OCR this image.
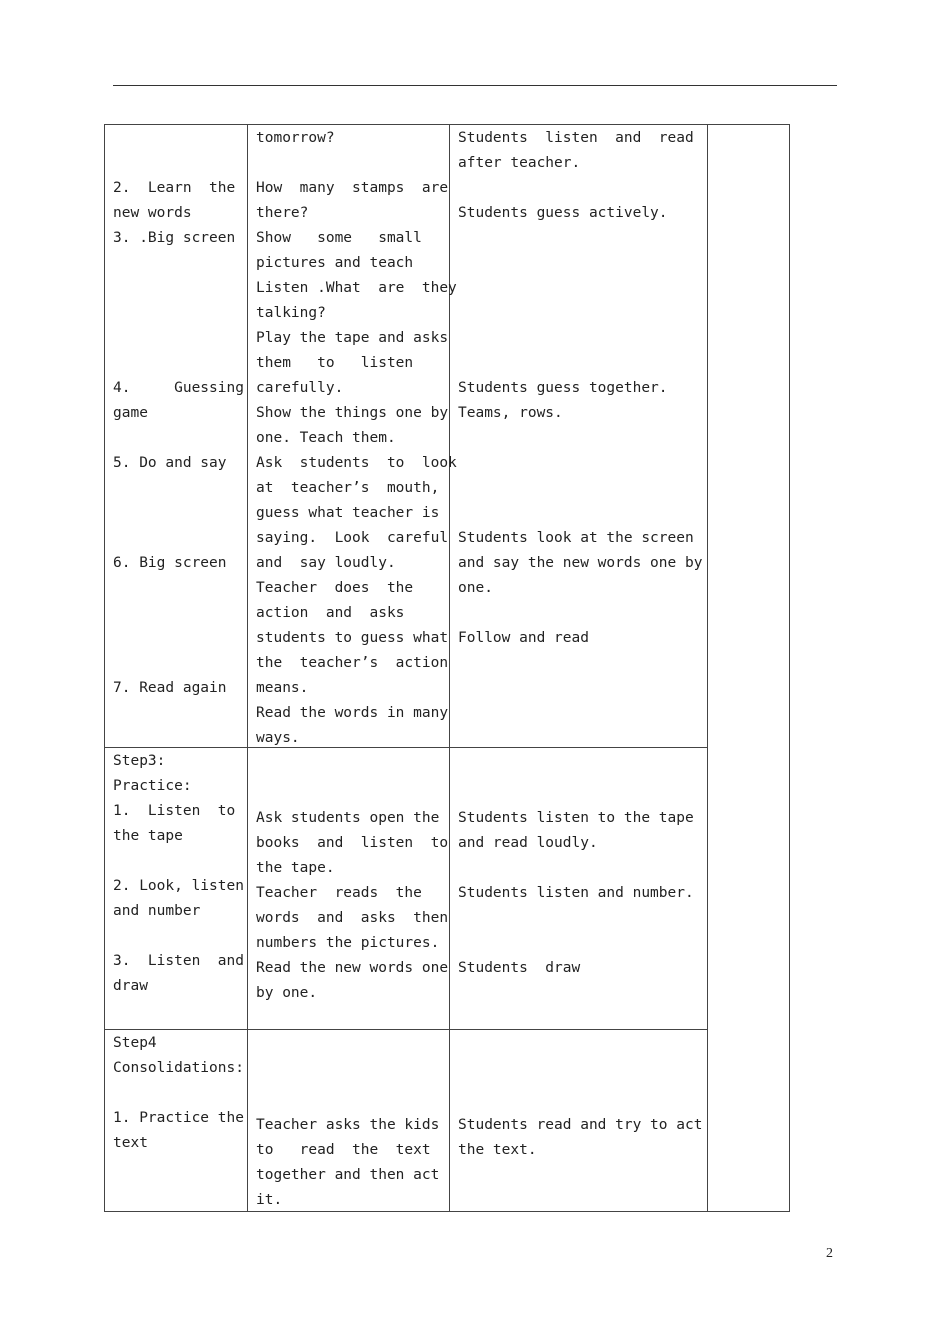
2.  Learn  the
new words
3. .Big screen
4.     Guessing
game
5. Do and say
6. Big screen
7. Read again
tomorrow?
How  many  stamps  are
there?
Show   some   small
pictures and teach
Listen .What  are  they
talking?
Play the tape and asks
them   to   listen
carefully.
Show the things one by
one. Teach them.
Ask  students  to  look
at  teacher’s  mouth,
guess what teacher is
saying.  Look  careful
and  say loudly.
Teacher  does  the
action  and  asks
students to guess what
the  teacher’s  action
means.
Read the words in many
ways.
Students  listen  and  read
after teacher.
Students guess actively.
Students guess together.
Teams, rows.
Students look at the screen
and say the new words one by
one.
Follow and read
Step3:
Practice:
1.  Listen  to
the tape
2. Look, listen
and number
3.  Listen  and
draw
Ask students open the
books  and  listen  to
the tape.
Teacher  reads  the
words  and  asks  then
numbers the pictures.
Read the new words one
by one.
Students listen to the tape
and read loudly.
Students listen and number.
Students  draw
Step4
Consolidations:
1. Practice the
text
Teacher asks the kids
to   read  the  text
together and then act
it.
Students read and try to act
the text.
2
